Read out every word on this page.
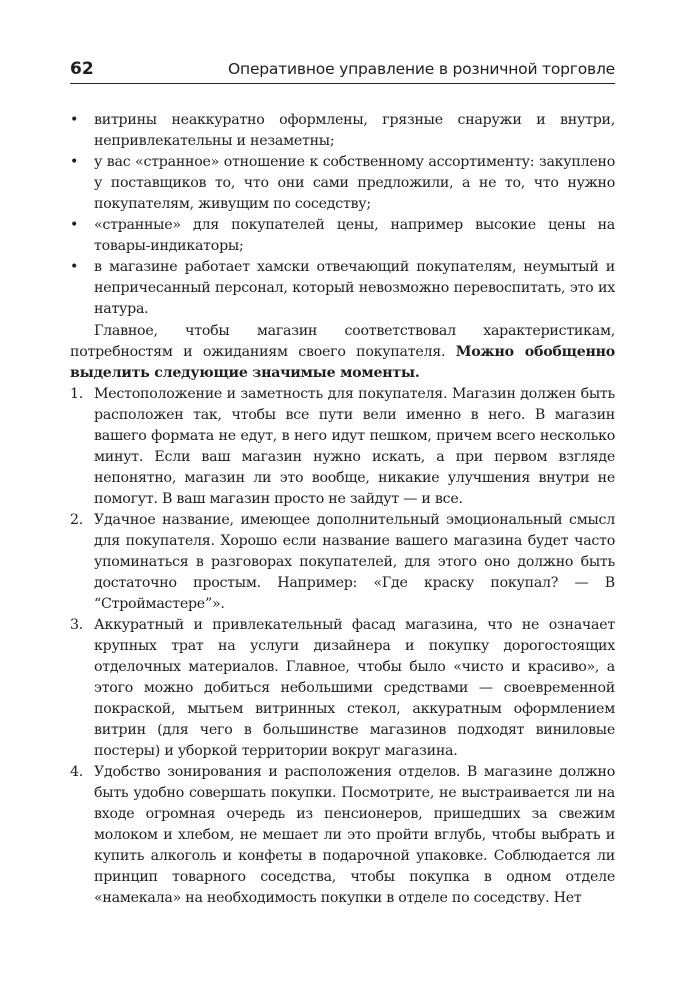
62	Оперативное управление в розничной торговле
• витрины неаккуратно оформлены, грязные снаружи и внутри, непривлекательны и незаметны;
• у вас «странное» отношение к собственному ассортименту: закуплено у поставщиков то, что они сами предложили, а не то, что нужно покупателям, живущим по соседству;
• «странные» для покупателей цены, например высокие цены на товары-индикаторы;
• в магазине работает хамски отвечающий покупателям, неумытый и непричесанный персонал, который невозможно перевоспитать, это их натура.

Главное, чтобы магазин соответствовал характеристикам, потребностям и ожиданиям своего покупателя. Можно обобщенно выделить следующие значимые моменты.

1. Местоположение и заметность для покупателя. Магазин должен быть расположен так, чтобы все пути вели именно в него. В магазин вашего формата не едут, в него идут пешком, причем всего несколько минут. Если ваш магазин нужно искать, а при первом взгляде непонятно, магазин ли это вообще, никакие улучшения внутри не помогут. В ваш магазин просто не зайдут — и все.
2. Удачное название, имеющее дополнительный эмоциональный смысл для покупателя. Хорошо если название вашего магазина будет часто упоминаться в разговорах покупателей, для этого оно должно быть достаточно простым. Например: «Где краску покупал? — В “Строймастере”».
3. Аккуратный и привлекательный фасад магазина, что не означает крупных трат на услуги дизайнера и покупку дорогостоящих отделочных материалов. Главное, чтобы было «чисто и красиво», а этого можно добиться небольшими средствами — своевременной покраской, мытьем витринных стекол, аккуратным оформлением витрин (для чего в большинстве магазинов подходят виниловые постеры) и уборкой территории вокруг магазина.
4. Удобство зонирования и расположения отделов. В магазине должно быть удобно совершать покупки. Посмотрите, не выстраивается ли на входе огромная очередь из пенсионеров, пришедших за свежим молоком и хлебом, не мешает ли это пройти вглубь, чтобы выбрать и купить алкоголь и конфеты в подарочной упаковке. Соблюдается ли принцип товарного соседства, чтобы покупка в одном отделе «намекала» на необходимость покупки в отделе по соседству. Нет
